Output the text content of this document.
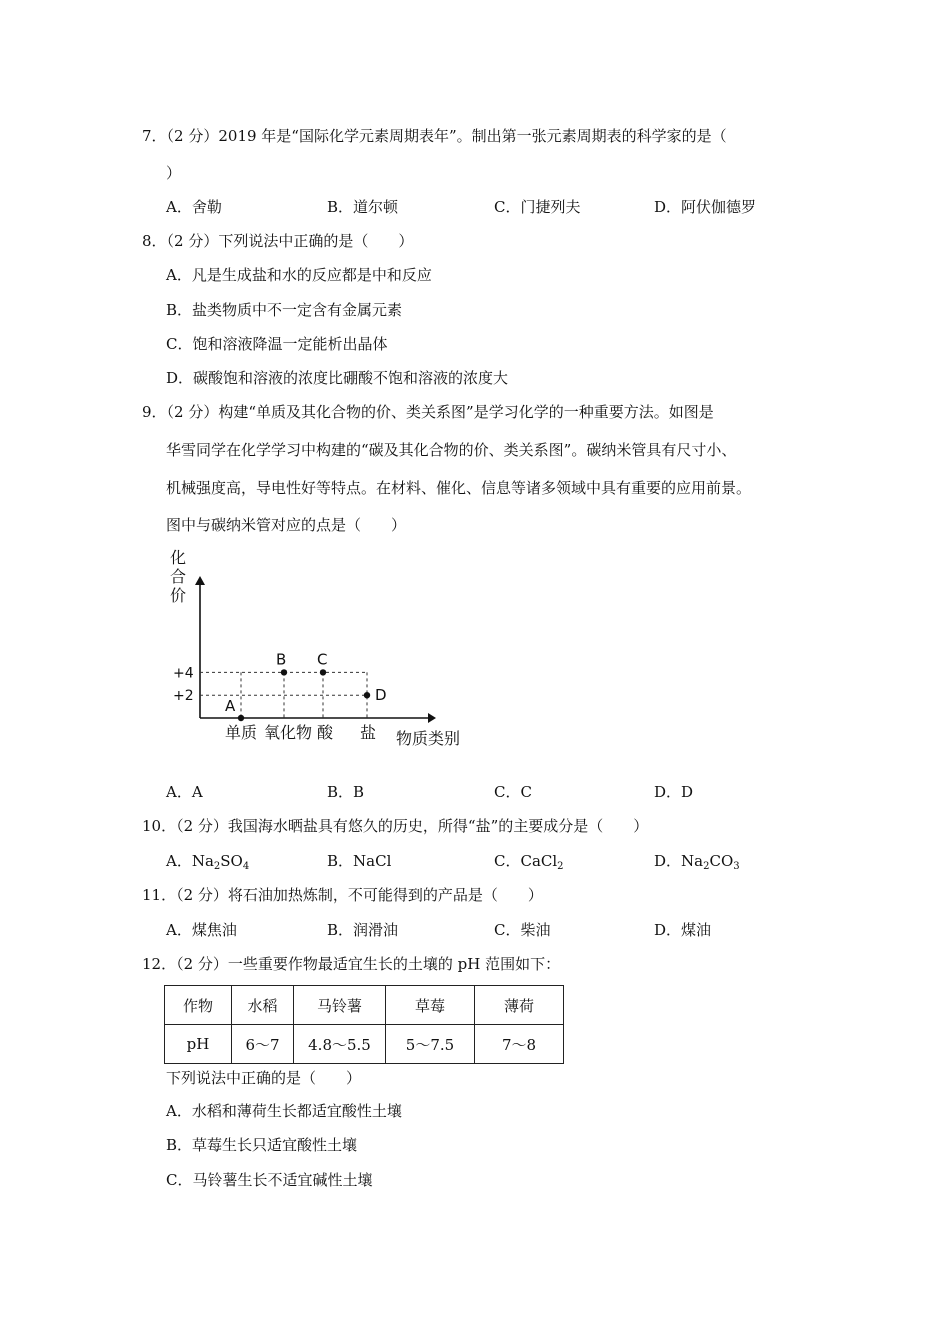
7．（2 分）2019 年是“国际化学元素周期表年”。制出第一张元素周期表的科学家的是（
）
A．舍勒	B．道尔顿	C．门捷列夫	D．阿伏伽德罗
8．（2 分）下列说法中正确的是（　　）
A．凡是生成盐和水的反应都是中和反应
B．盐类物质中不一定含有金属元素
C．饱和溶液降温一定能析出晶体
D．碳酸饱和溶液的浓度比硼酸不饱和溶液的浓度大
9．（2 分）构建“单质及其化合物的价、类关系图”是学习化学的一种重要方法。如图是
华雪同学在化学学习中构建的“碳及其化合物的价、类关系图”。碳纳米管具有尺寸小、
机械强度高，导电性好等特点。在材料、催化、信息等诸多领域中具有重要的应用前景。
图中与碳纳米管对应的点是（　　）
化合价
物质类别
+4
+2
单质 氧化物 酸 盐
A
B C
D
A．A	B．B	C．C	D．D
10．（2 分）我国海水晒盐具有悠久的历史，所得“盐”的主要成分是（　　）
A．$Na_2SO_4$	B．NaCl	C．CaCl$_2$	D．$Na_2CO_3$
11．（2 分）将石油加热炼制，不可能得到的产品是（　　）
A．煤焦油	B．润滑油	C．柴油	D．煤油
12．（2 分）一些重要作物最适宜生长的土壤的 pH 范围如下：
作物	水稻	马铃薯	草莓	薄荷
pH	6～7	4.8～5.5	5～7.5	7～8
下列说法中正确的是（　　）
A．水稻和薄荷生长都适宜酸性土壤
B．草莓生长只适宜酸性土壤
C．马铃薯生长不适宜碱性土壤
